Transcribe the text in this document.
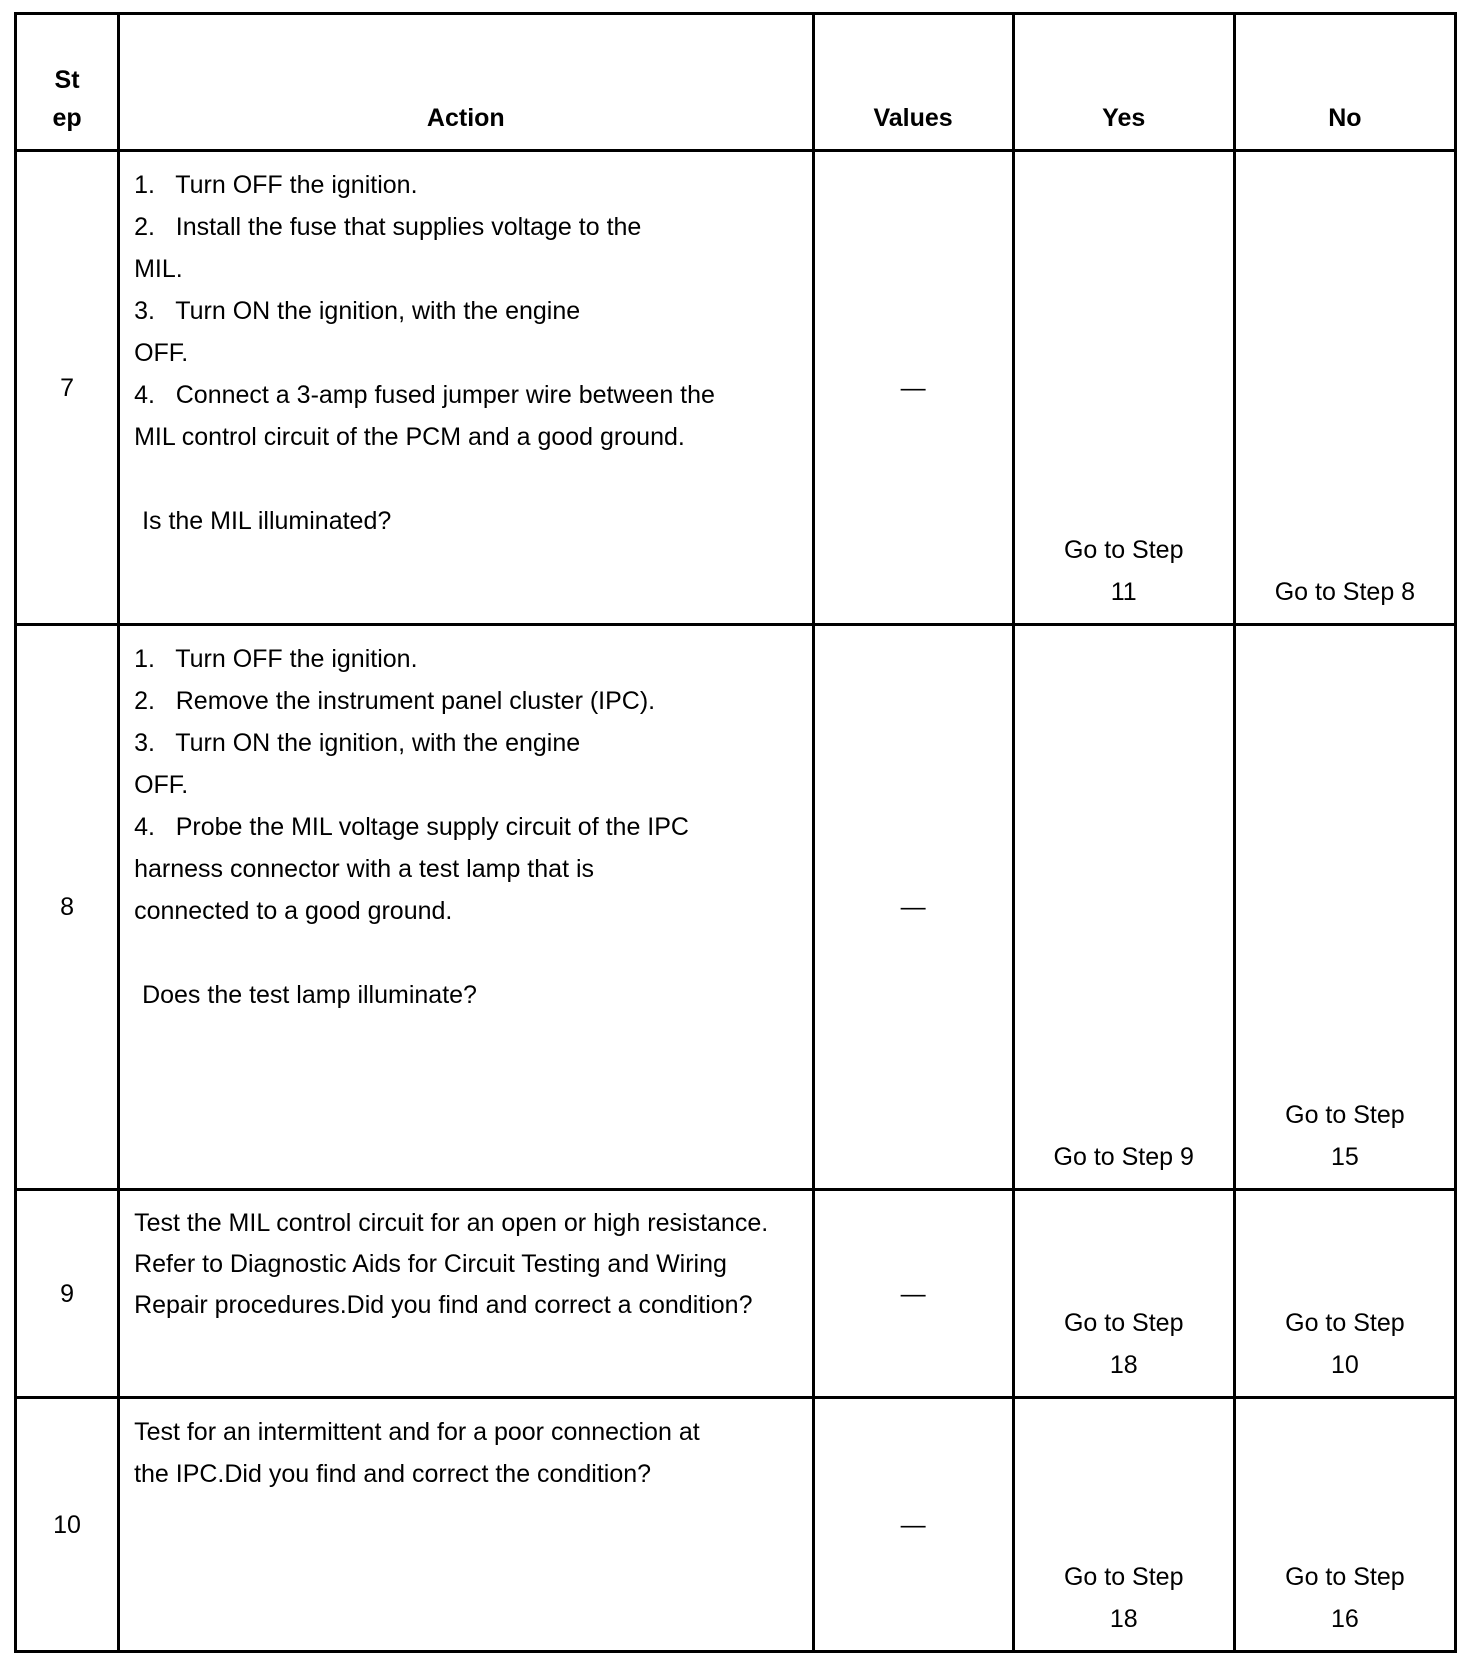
St ep	Action	Values	Yes	No
7	1.   Turn OFF the ignition.
2.   Install the fuse that supplies voltage to the MIL.
3.   Turn ON the ignition, with the engine OFF.
4.   Connect a 3-amp fused jumper wire between the MIL control circuit of the PCM and a good ground.
Is the MIL illuminated?	—	Go to Step 11	Go to Step 8
8	1.   Turn OFF the ignition.
2.   Remove the instrument panel cluster (IPC).
3.   Turn ON the ignition, with the engine OFF.
4.   Probe the MIL voltage supply circuit of the IPC harness connector with a test lamp that is connected to a good ground.
Does the test lamp illuminate?	—	Go to Step 9	Go to Step 15
9	Test the MIL control circuit for an open or high resistance. Refer to Diagnostic Aids for Circuit Testing and Wiring Repair procedures.Did you find and correct a condition?	—	Go to Step 18	Go to Step 10
10	Test for an intermittent and for a poor connection at the IPC.Did you find and correct the condition?	—	Go to Step 18	Go to Step 16
